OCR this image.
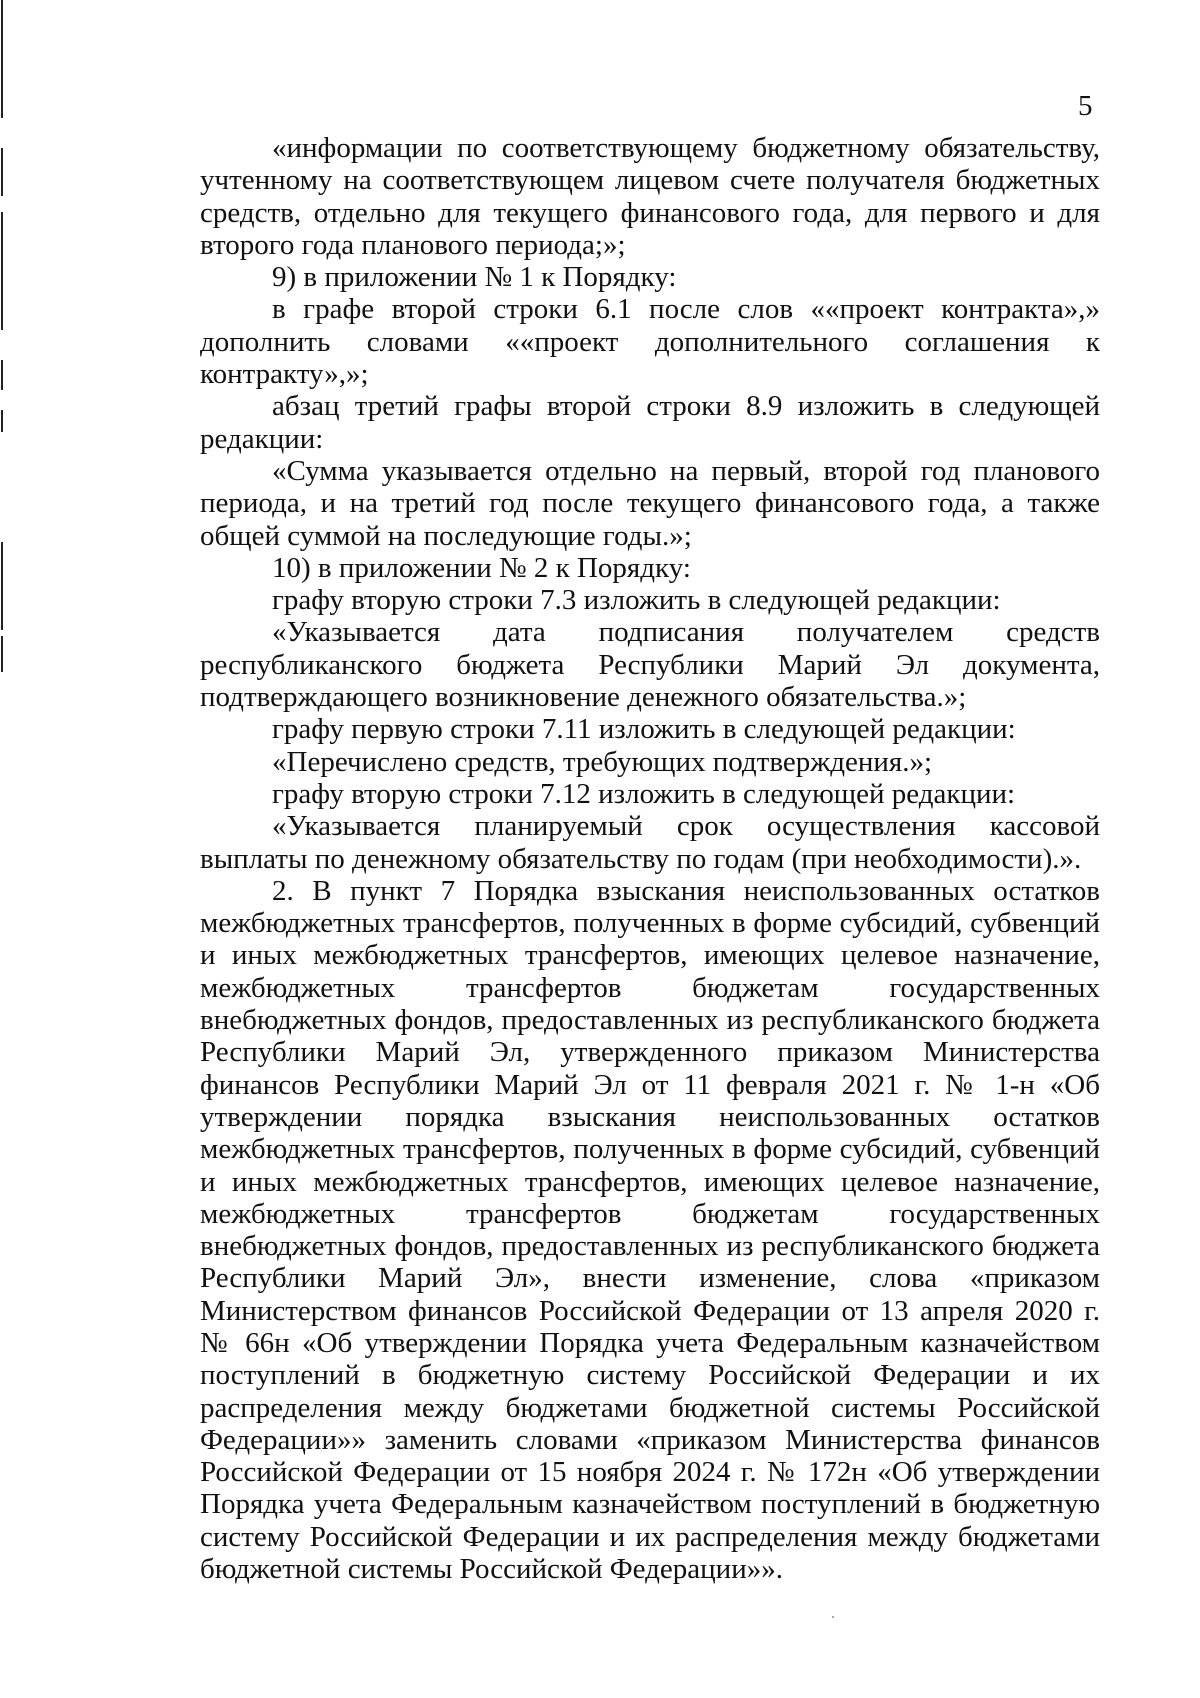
5

«информации по соответствующему бюджетному обязательству, учтенному на соответствующем лицевом счете получателя бюджетных средств, отдельно для текущего финансового года, для первого и для второго года планового периода;»;

9) в приложении № 1 к Порядку:

в графе второй строки 6.1 после слов ««проект контракта»,» дополнить словами ««проект дополнительного соглашения к контракту»,»;

абзац третий графы второй строки 8.9 изложить в следующей редакции:

«Сумма указывается отдельно на первый, второй год планового периода, и на третий год после текущего финансового года, а также общей суммой на последующие годы.»;

10) в приложении № 2 к Порядку:

графу вторую строки 7.3 изложить в следующей редакции:

«Указывается дата подписания получателем средств республиканского бюджета Республики Марий Эл документа, подтверждающего возникновение денежного обязательства.»;

графу первую строки 7.11 изложить в следующей редакции:

«Перечислено средств, требующих подтверждения.»;

графу вторую строки 7.12 изложить в следующей редакции:

«Указывается планируемый срок осуществления кассовой выплаты по денежному обязательству по годам (при необходимости).».

2. В пункт 7 Порядка взыскания неиспользованных остатков межбюджетных трансфертов, полученных в форме субсидий, субвенций и иных межбюджетных трансфертов, имеющих целевое назначение, межбюджетных трансфертов бюджетам государственных внебюджетных фондов, предоставленных из республиканского бюджета Республики Марий Эл, утвержденного приказом Министерства финансов Республики Марий Эл от 11 февраля 2021 г. № 1-н «Об утверждении порядка взыскания неиспользованных остатков межбюджетных трансфертов, полученных в форме субсидий, субвенций и иных межбюджетных трансфертов, имеющих целевое назначение, межбюджетных трансфертов бюджетам государственных внебюджетных фондов, предоставленных из республиканского бюджета Республики Марий Эл», внести изменение, слова «приказом Министерством финансов Российской Федерации от 13 апреля 2020 г. № 66н «Об утверждении Порядка учета Федеральным казначейством поступлений в бюджетную систему Российской Федерации и их распределения между бюджетами бюджетной системы Российской Федерации»» заменить словами «приказом Министерства финансов Российской Федерации от 15 ноября 2024 г. № 172н «Об утверждении Порядка учета Федеральным казначейством поступлений в бюджетную систему Российской Федерации и их распределения между бюджетами бюджетной системы Российской Федерации»».
